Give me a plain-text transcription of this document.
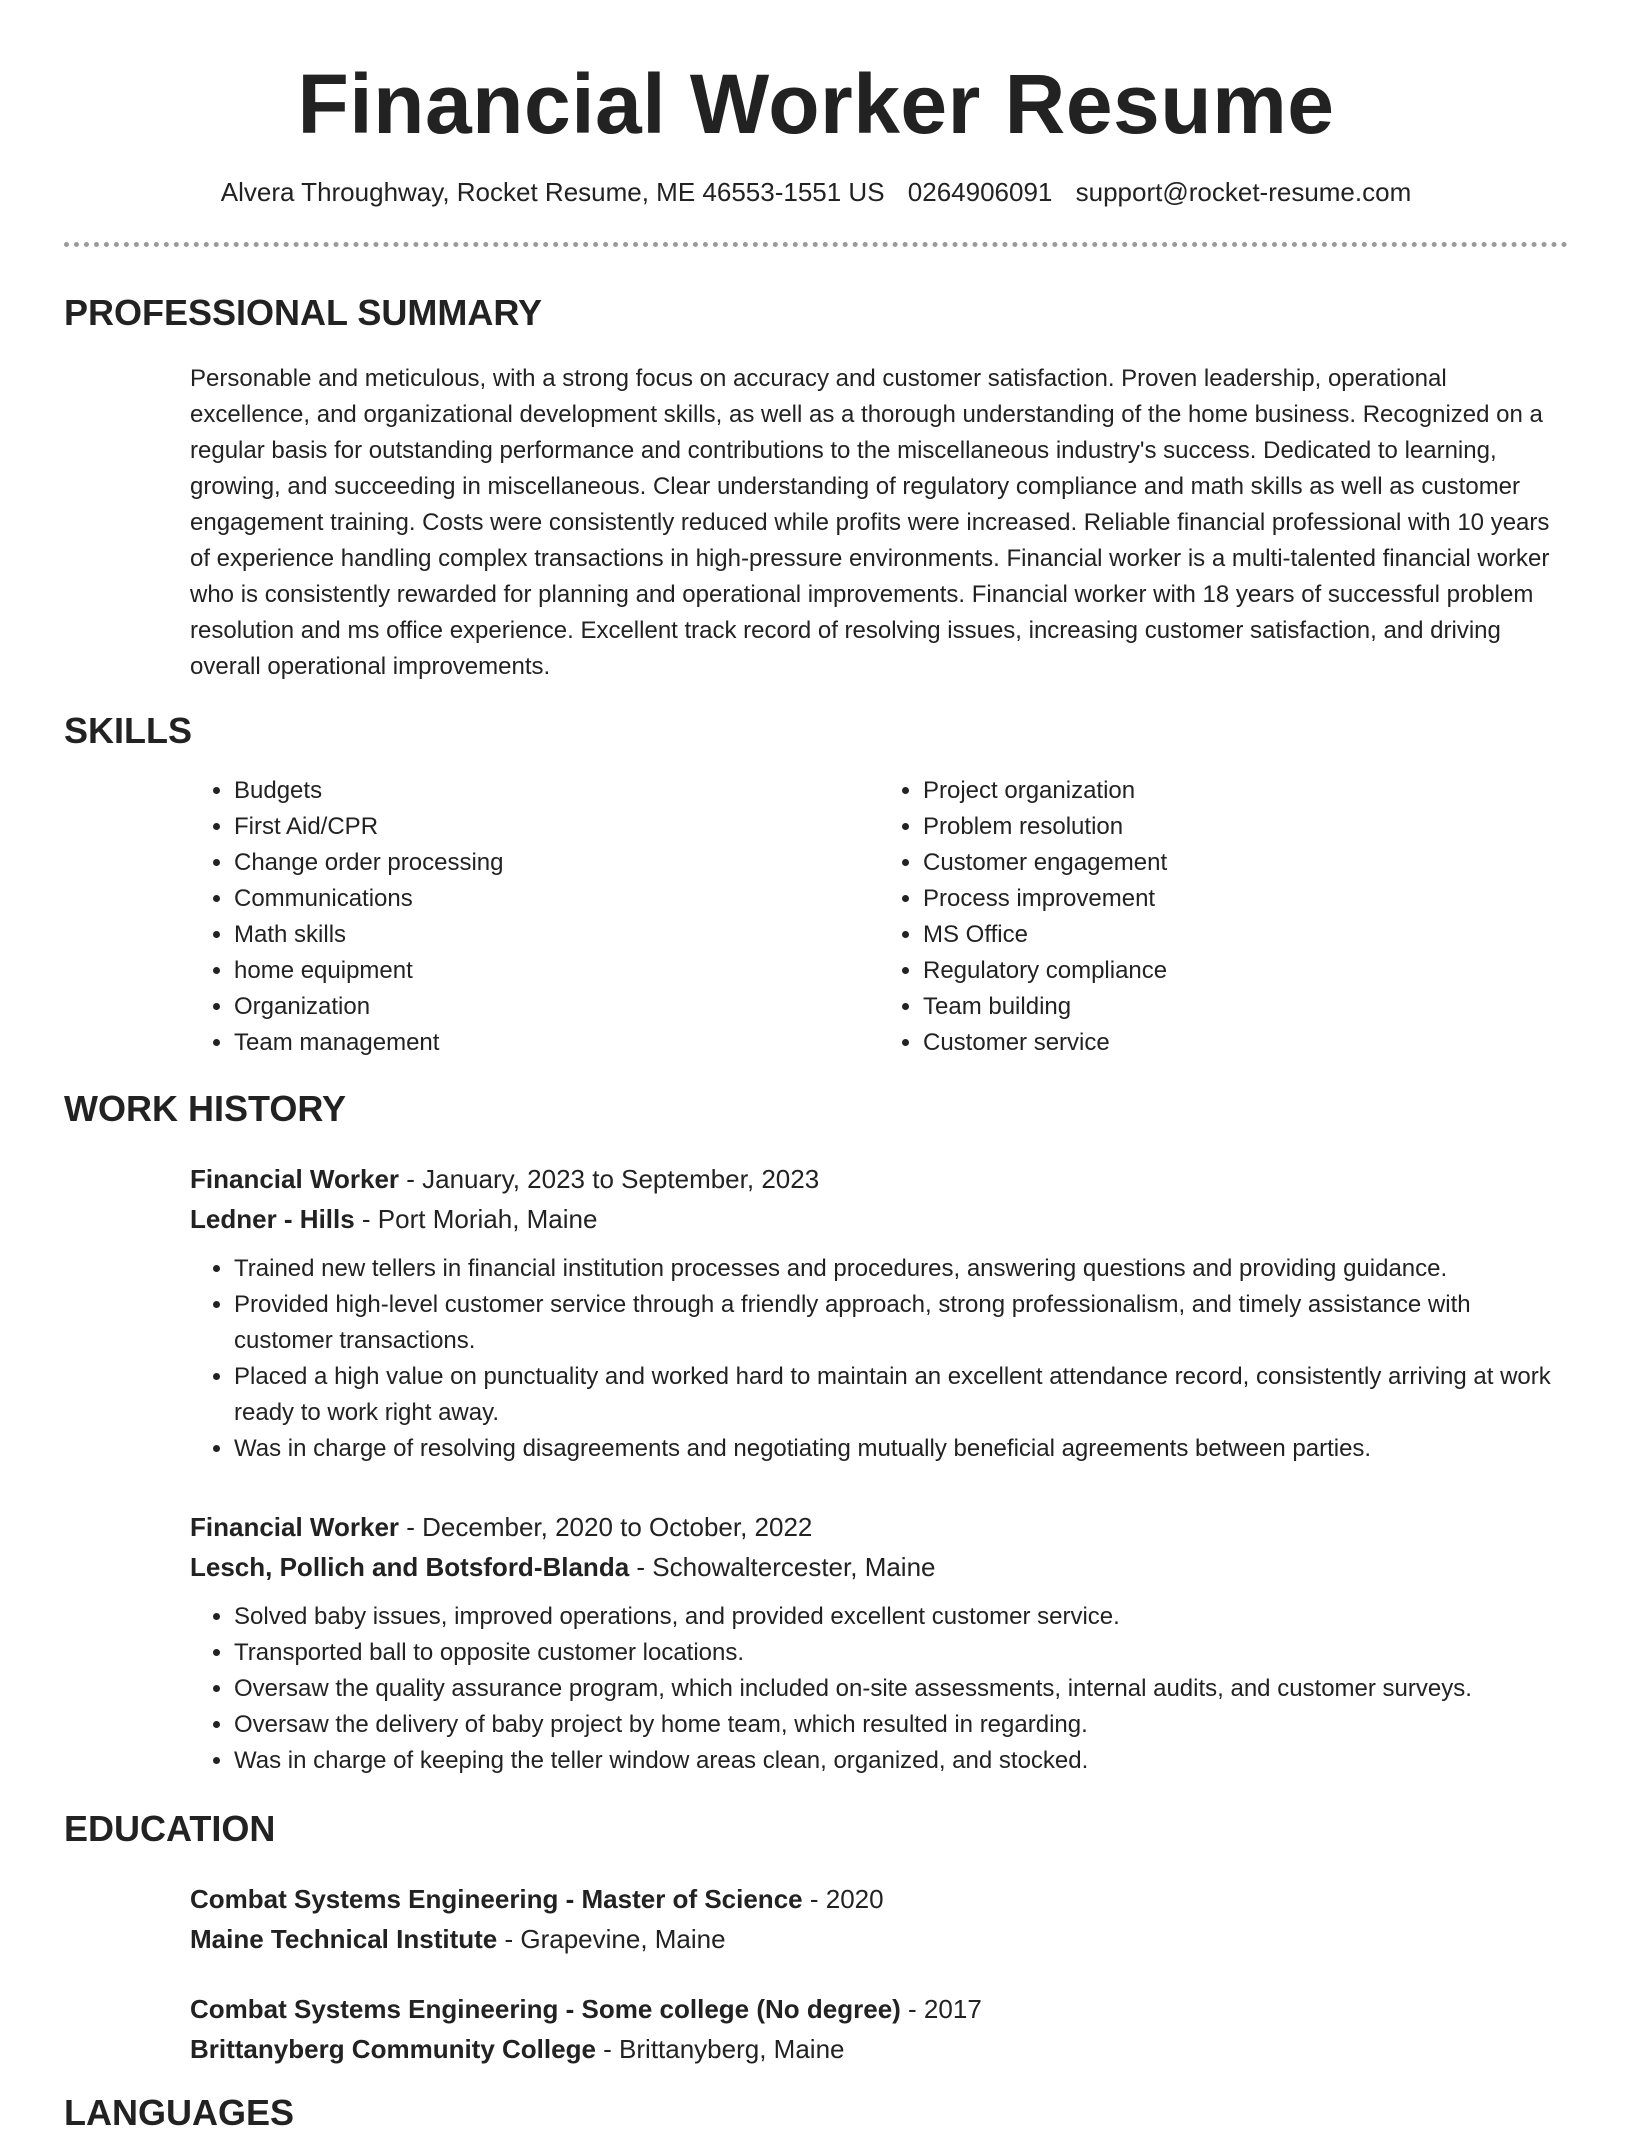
Financial Worker Resume
Alvera Throughway, Rocket Resume, ME 46553-1551 US 0264906091 support@rocket-resume.com
PROFESSIONAL SUMMARY
Personable and meticulous, with a strong focus on accuracy and customer satisfaction. Proven leadership, operational excellence, and organizational development skills, as well as a thorough understanding of the home business. Recognized on a regular basis for outstanding performance and contributions to the miscellaneous industry's success. Dedicated to learning, growing, and succeeding in miscellaneous. Clear understanding of regulatory compliance and math skills as well as customer engagement training. Costs were consistently reduced while profits were increased. Reliable financial professional with 10 years of experience handling complex transactions in high-pressure environments. Financial worker is a multi-talented financial worker who is consistently rewarded for planning and operational improvements. Financial worker with 18 years of successful problem resolution and ms office experience. Excellent track record of resolving issues, increasing customer satisfaction, and driving overall operational improvements.
SKILLS
• Budgets
• First Aid/CPR
• Change order processing
• Communications
• Math skills
• home equipment
• Organization
• Team management
• Project organization
• Problem resolution
• Customer engagement
• Process improvement
• MS Office
• Regulatory compliance
• Team building
• Customer service
WORK HISTORY
Financial Worker - January, 2023 to September, 2023
Ledner - Hills - Port Moriah, Maine
• Trained new tellers in financial institution processes and procedures, answering questions and providing guidance.
• Provided high-level customer service through a friendly approach, strong professionalism, and timely assistance with customer transactions.
• Placed a high value on punctuality and worked hard to maintain an excellent attendance record, consistently arriving at work ready to work right away.
• Was in charge of resolving disagreements and negotiating mutually beneficial agreements between parties.
Financial Worker - December, 2020 to October, 2022
Lesch, Pollich and Botsford-Blanda - Schowaltercester, Maine
• Solved baby issues, improved operations, and provided excellent customer service.
• Transported ball to opposite customer locations.
• Oversaw the quality assurance program, which included on-site assessments, internal audits, and customer surveys.
• Oversaw the delivery of baby project by home team, which resulted in regarding.
• Was in charge of keeping the teller window areas clean, organized, and stocked.
EDUCATION
Combat Systems Engineering - Master of Science - 2020
Maine Technical Institute - Grapevine, Maine
Combat Systems Engineering - Some college (No degree) - 2017
Brittanyberg Community College - Brittanyberg, Maine
LANGUAGES
